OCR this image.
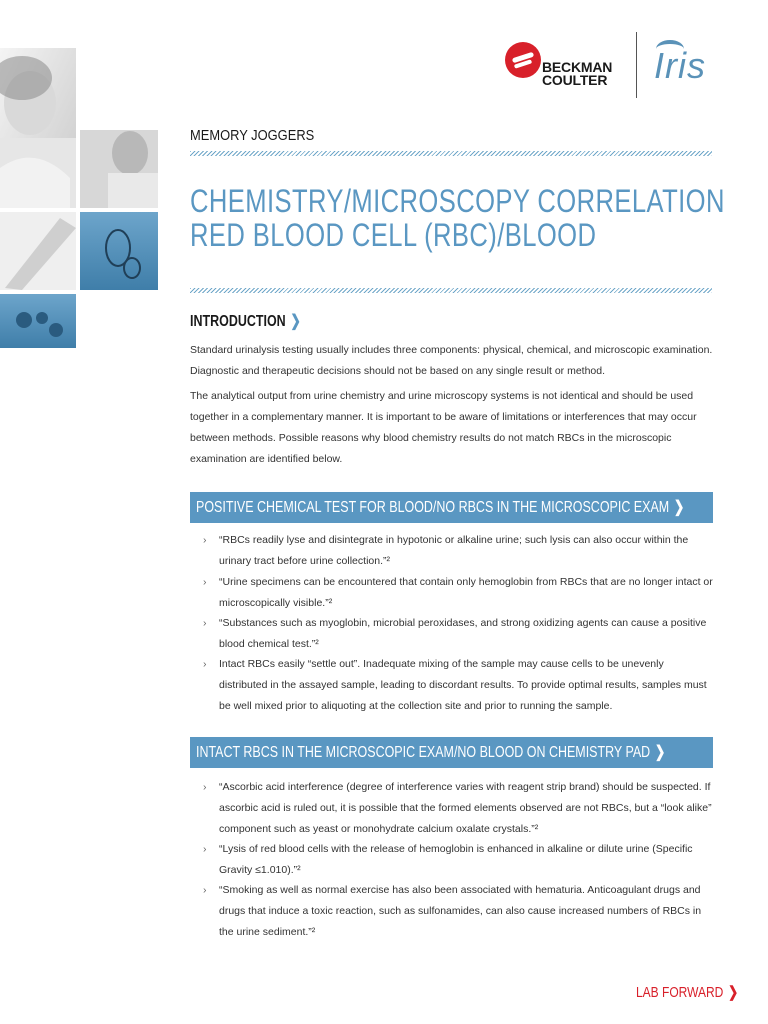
BECKMAN
COULTER Iris
MEMORY JOGGERS
CHEMISTRY/MICROSCOPY CORRELATION
RED BLOOD CELL (RBC)/BLOOD
INTRODUCTION ❯
Standard urinalysis testing usually includes three components: physical, chemical, and microscopic examination. Diagnostic and therapeutic decisions should not be based on any single result or method.
The analytical output from urine chemistry and urine microscopy systems is not identical and should be used together in a complementary manner. It is important to be aware of limitations or interferences that may occur between methods. Possible reasons why blood chemistry results do not match RBCs in the microscopic examination are identified below.
POSITIVE CHEMICAL TEST FOR BLOOD/NO RBCS IN THE MICROSCOPIC EXAM ❯
›	“RBCs readily lyse and disintegrate in hypotonic or alkaline urine; such lysis can also occur within the urinary tract before urine collection.”²
›	“Urine specimens can be encountered that contain only hemoglobin from RBCs that are no longer intact or microscopically visible.”²
›	“Substances such as myoglobin, microbial peroxidases, and strong oxidizing agents can cause a positive blood chemical test.”²
›	Intact RBCs easily “settle out”. Inadequate mixing of the sample may cause cells to be unevenly distributed in the assayed sample, leading to discordant results. To provide optimal results, samples must be well mixed prior to aliquoting at the collection site and prior to running the sample.
INTACT RBCS IN THE MICROSCOPIC EXAM/NO BLOOD ON CHEMISTRY PAD ❯
›	“Ascorbic acid interference (degree of interference varies with reagent strip brand) should be suspected. If ascorbic acid is ruled out, it is possible that the formed elements observed are not RBCs, but a “look alike” component such as yeast or monohydrate calcium oxalate crystals.”²
›	“Lysis of red blood cells with the release of hemoglobin is enhanced in alkaline or dilute urine (Specific Gravity ≤1.010).”²
›	“Smoking as well as normal exercise has also been associated with hematuria. Anticoagulant drugs and drugs that induce a toxic reaction, such as sulfonamides, can also cause increased numbers of RBCs in the urine sediment.”²
LAB FORWARD ❯
